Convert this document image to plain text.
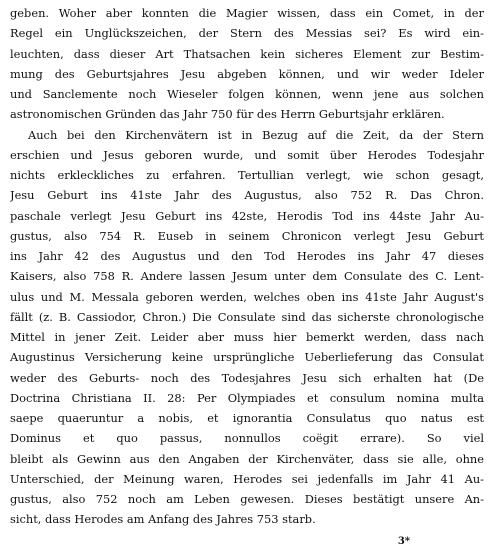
geben. Woher aber konnten die Magier wissen, dass ein Comet, in der
Regel ein Unglückszeichen, der Stern des Messias sei? Es wird ein-
leuchten, dass dieser Art Thatsachen kein sicheres Element zur Bestim-
mung des Geburtsjahres Jesu abgeben können, und wir weder Ideler
und Sanclemente noch Wieseler folgen können, wenn jene aus solchen
astronomischen Gründen das Jahr 750 für des Herrn Geburtsjahr erklären.
Auch bei den Kirchenvätern ist in Bezug auf die Zeit, da der Stern
erschien und Jesus geboren wurde, und somit über Herodes Todesjahr
nichts erkleckliches zu erfahren. Tertullian verlegt, wie schon gesagt,
Jesu Geburt ins 41ste Jahr des Augustus, also 752 R. Das Chron.
paschale verlegt Jesu Geburt ins 42ste, Herodis Tod ins 44ste Jahr Au-
gustus, also 754 R. Euseb in seinem Chronicon verlegt Jesu Geburt
ins Jahr 42 des Augustus und den Tod Herodes ins Jahr 47 dieses
Kaisers, also 758 R. Andere lassen Jesum unter dem Consulate des C. Lent-
ulus und M. Messala geboren werden, welches oben ins 41ste Jahr August's
fällt (z. B. Cassiodor, Chron.) Die Consulate sind das sicherste chronologische
Mittel in jener Zeit. Leider aber muss hier bemerkt werden, dass nach
Augustinus Versicherung keine ursprüngliche Ueberlieferung das Consulat
weder des Geburts- noch des Todesjahres Jesu sich erhalten hat (De
Doctrina Christiana II. 28: Per Olympiades et consulum nomina multa
saepe quaeruntur a nobis, et ignorantia Consulatus quo natus est
Dominus et quo passus, nonnullos coëgit errare). So viel
bleibt als Gewinn aus den Angaben der Kirchenväter, dass sie alle, ohne
Unterschied, der Meinung waren, Herodes sei jedenfalls im Jahr 41 Au-
gustus, also 752 noch am Leben gewesen. Dieses bestätigt unsere An-
sicht, dass Herodes am Anfang des Jahres 753 starb.
3*
